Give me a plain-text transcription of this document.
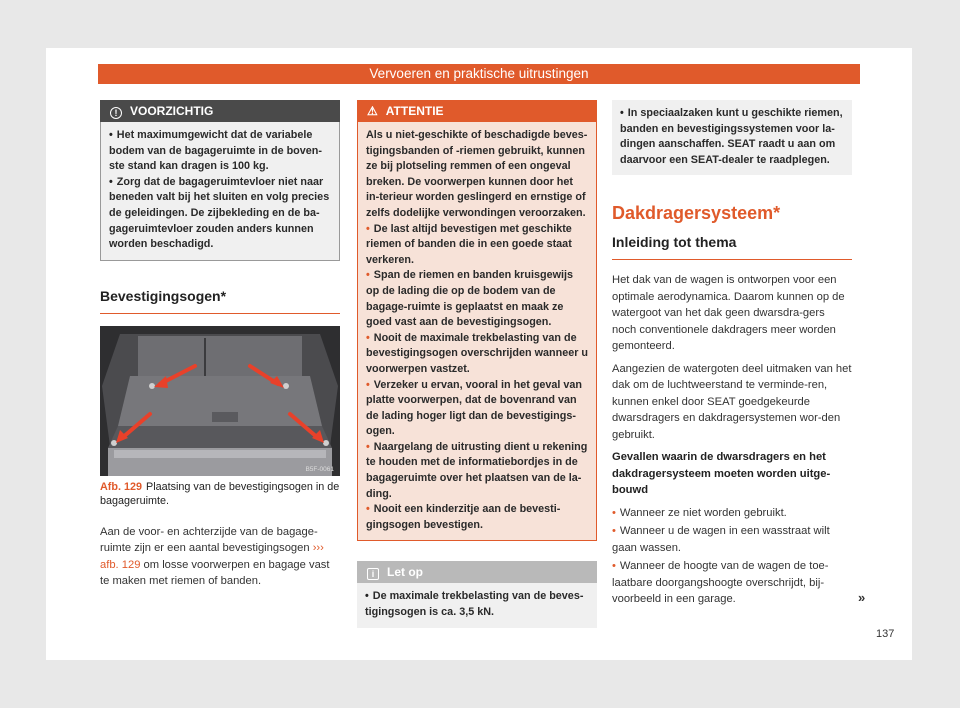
Vervoeren en praktische uitrustingen
! VOORZICHTIG

• Het maximumgewicht dat de variabele bodem van de bagageruimte in de boven-ste stand kan dragen is 100 kg.

• Zorg dat de bagageruimtevloer niet naar beneden valt bij het sluiten en volg precies de geleidingen. De zijbekleding en de ba-gageruimtevloer zouden anders kunnen worden beschadigd.

Bevestigingsogen*
B5F-0061
Afb. 129 Plaatsing van de bevestigingsogen in de bagageruimte.

Aan de voor- en achterzijde van de bagage-ruimte zijn er een aantal bevestigingsogen ››› afb. 129 om losse voorwerpen en bagage vast te maken met riemen of banden.

⚠ ATTENTIE

Als u niet-geschikte of beschadigde beves-tigingsbanden of -riemen gebruikt, kunnen ze bij plotseling remmen of een ongeval breken. De voorwerpen kunnen door het in-terieur worden geslingerd en ernstige of zelfs dodelijke verwondingen veroorzaken.

• De last altijd bevestigen met geschikte riemen of banden die in een goede staat verkeren.

• Span de riemen en banden kruisgewijs op de lading die op de bodem van de bagage-ruimte is geplaatst en maak ze goed vast aan de bevestigingsogen.

• Nooit de maximale trekbelasting van de bevestigingsogen overschrijden wanneer u voorwerpen vastzet.

• Verzeker u ervan, vooral in het geval van platte voorwerpen, dat de bovenrand van de lading hoger ligt dan de bevestigings-ogen.

• Naargelang de uitrusting dient u rekening te houden met de informatiebordjes in de bagageruimte over het plaatsen van de la-ding.

• Nooit een kinderzitje aan de bevesti-gingsogen bevestigen.

i Let op

• De maximale trekbelasting van de beves-tigingsogen is ca. 3,5 kN.

• In speciaalzaken kunt u geschikte riemen, banden en bevestigingssystemen voor la-dingen aanschaffen. SEAT raadt u aan om daarvoor een SEAT-dealer te raadplegen.

Dakdragersysteem*
Inleiding tot thema

Het dak van de wagen is ontworpen voor een optimale aerodynamica. Daarom kunnen op de watergoot van het dak geen dwarsdra-gers noch conventionele dakdragers meer worden gemonteerd.

Aangezien de watergoten deel uitmaken van het dak om de luchtweerstand te verminde-ren, kunnen enkel door SEAT goedgekeurde dwarsdragers en dakdragersystemen wor-den gebruikt.

Gevallen waarin de dwarsdragers en het dakdragersysteem moeten worden uitge-bouwd

• Wanneer ze niet worden gebruikt.

• Wanneer u de wagen in een wasstraat wilt gaan wassen.

• Wanneer de hoogte van de wagen de toe-laatbare doorgangshoogte overschrijdt, bij-voorbeeld in een garage.	»
137
